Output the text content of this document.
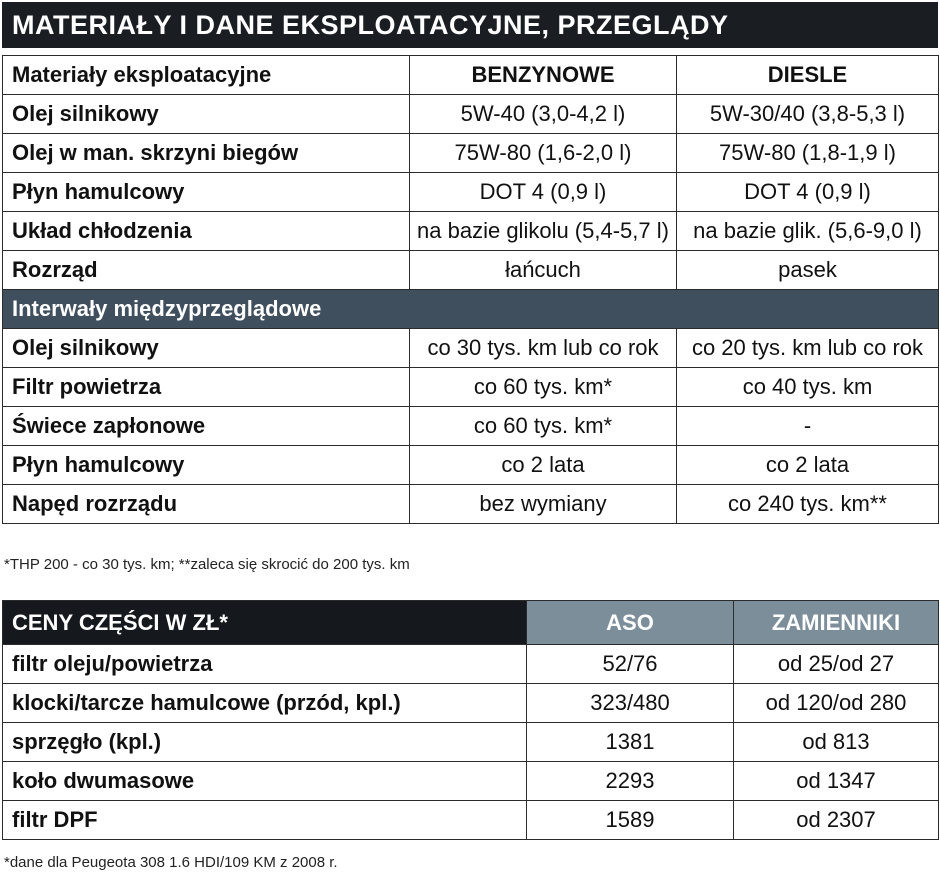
MATERIAŁY I DANE EKSPLOATACYJNE, PRZEGLĄDY
Materiały eksploatacyjne	BENZYNOWE	DIESLE
Olej silnikowy	5W-40 (3,0-4,2 l)	5W-30/40 (3,8-5,3 l)
Olej w man. skrzyni biegów	75W-80 (1,6-2,0 l)	75W-80 (1,8-1,9 l)
Płyn hamulcowy	DOT 4 (0,9 l)	DOT 4 (0,9 l)
Układ chłodzenia	na bazie glikolu (5,4-5,7 l)	na bazie glik. (5,6-9,0 l)
Rozrząd	łańcuch	pasek
Interwały międzyprzeglądowe		
Olej silnikowy	co 30 tys. km lub co rok	co 20 tys. km lub co rok
Filtr powietrza	co 60 tys. km*	co 40 tys. km
Świece zapłonowe	co 60 tys. km*	-
Płyn hamulcowy	co 2 lata	co 2 lata
Napęd rozrządu	bez wymiany	co 240 tys. km**
*THP 200 - co 30 tys. km; **zaleca się skrocić do 200 tys. km
CENY CZĘŚCI W ZŁ*	ASO	ZAMIENNIKI
filtr oleju/powietrza	52/76	od 25/od 27
klocki/tarcze hamulcowe (przód, kpl.)	323/480	od 120/od 280
sprzęgło (kpl.)	1381	od 813
koło dwumasowe	2293	od 1347
filtr DPF	1589	od 2307
*dane dla Peugeota 308 1.6 HDI/109 KM z 2008 r.
